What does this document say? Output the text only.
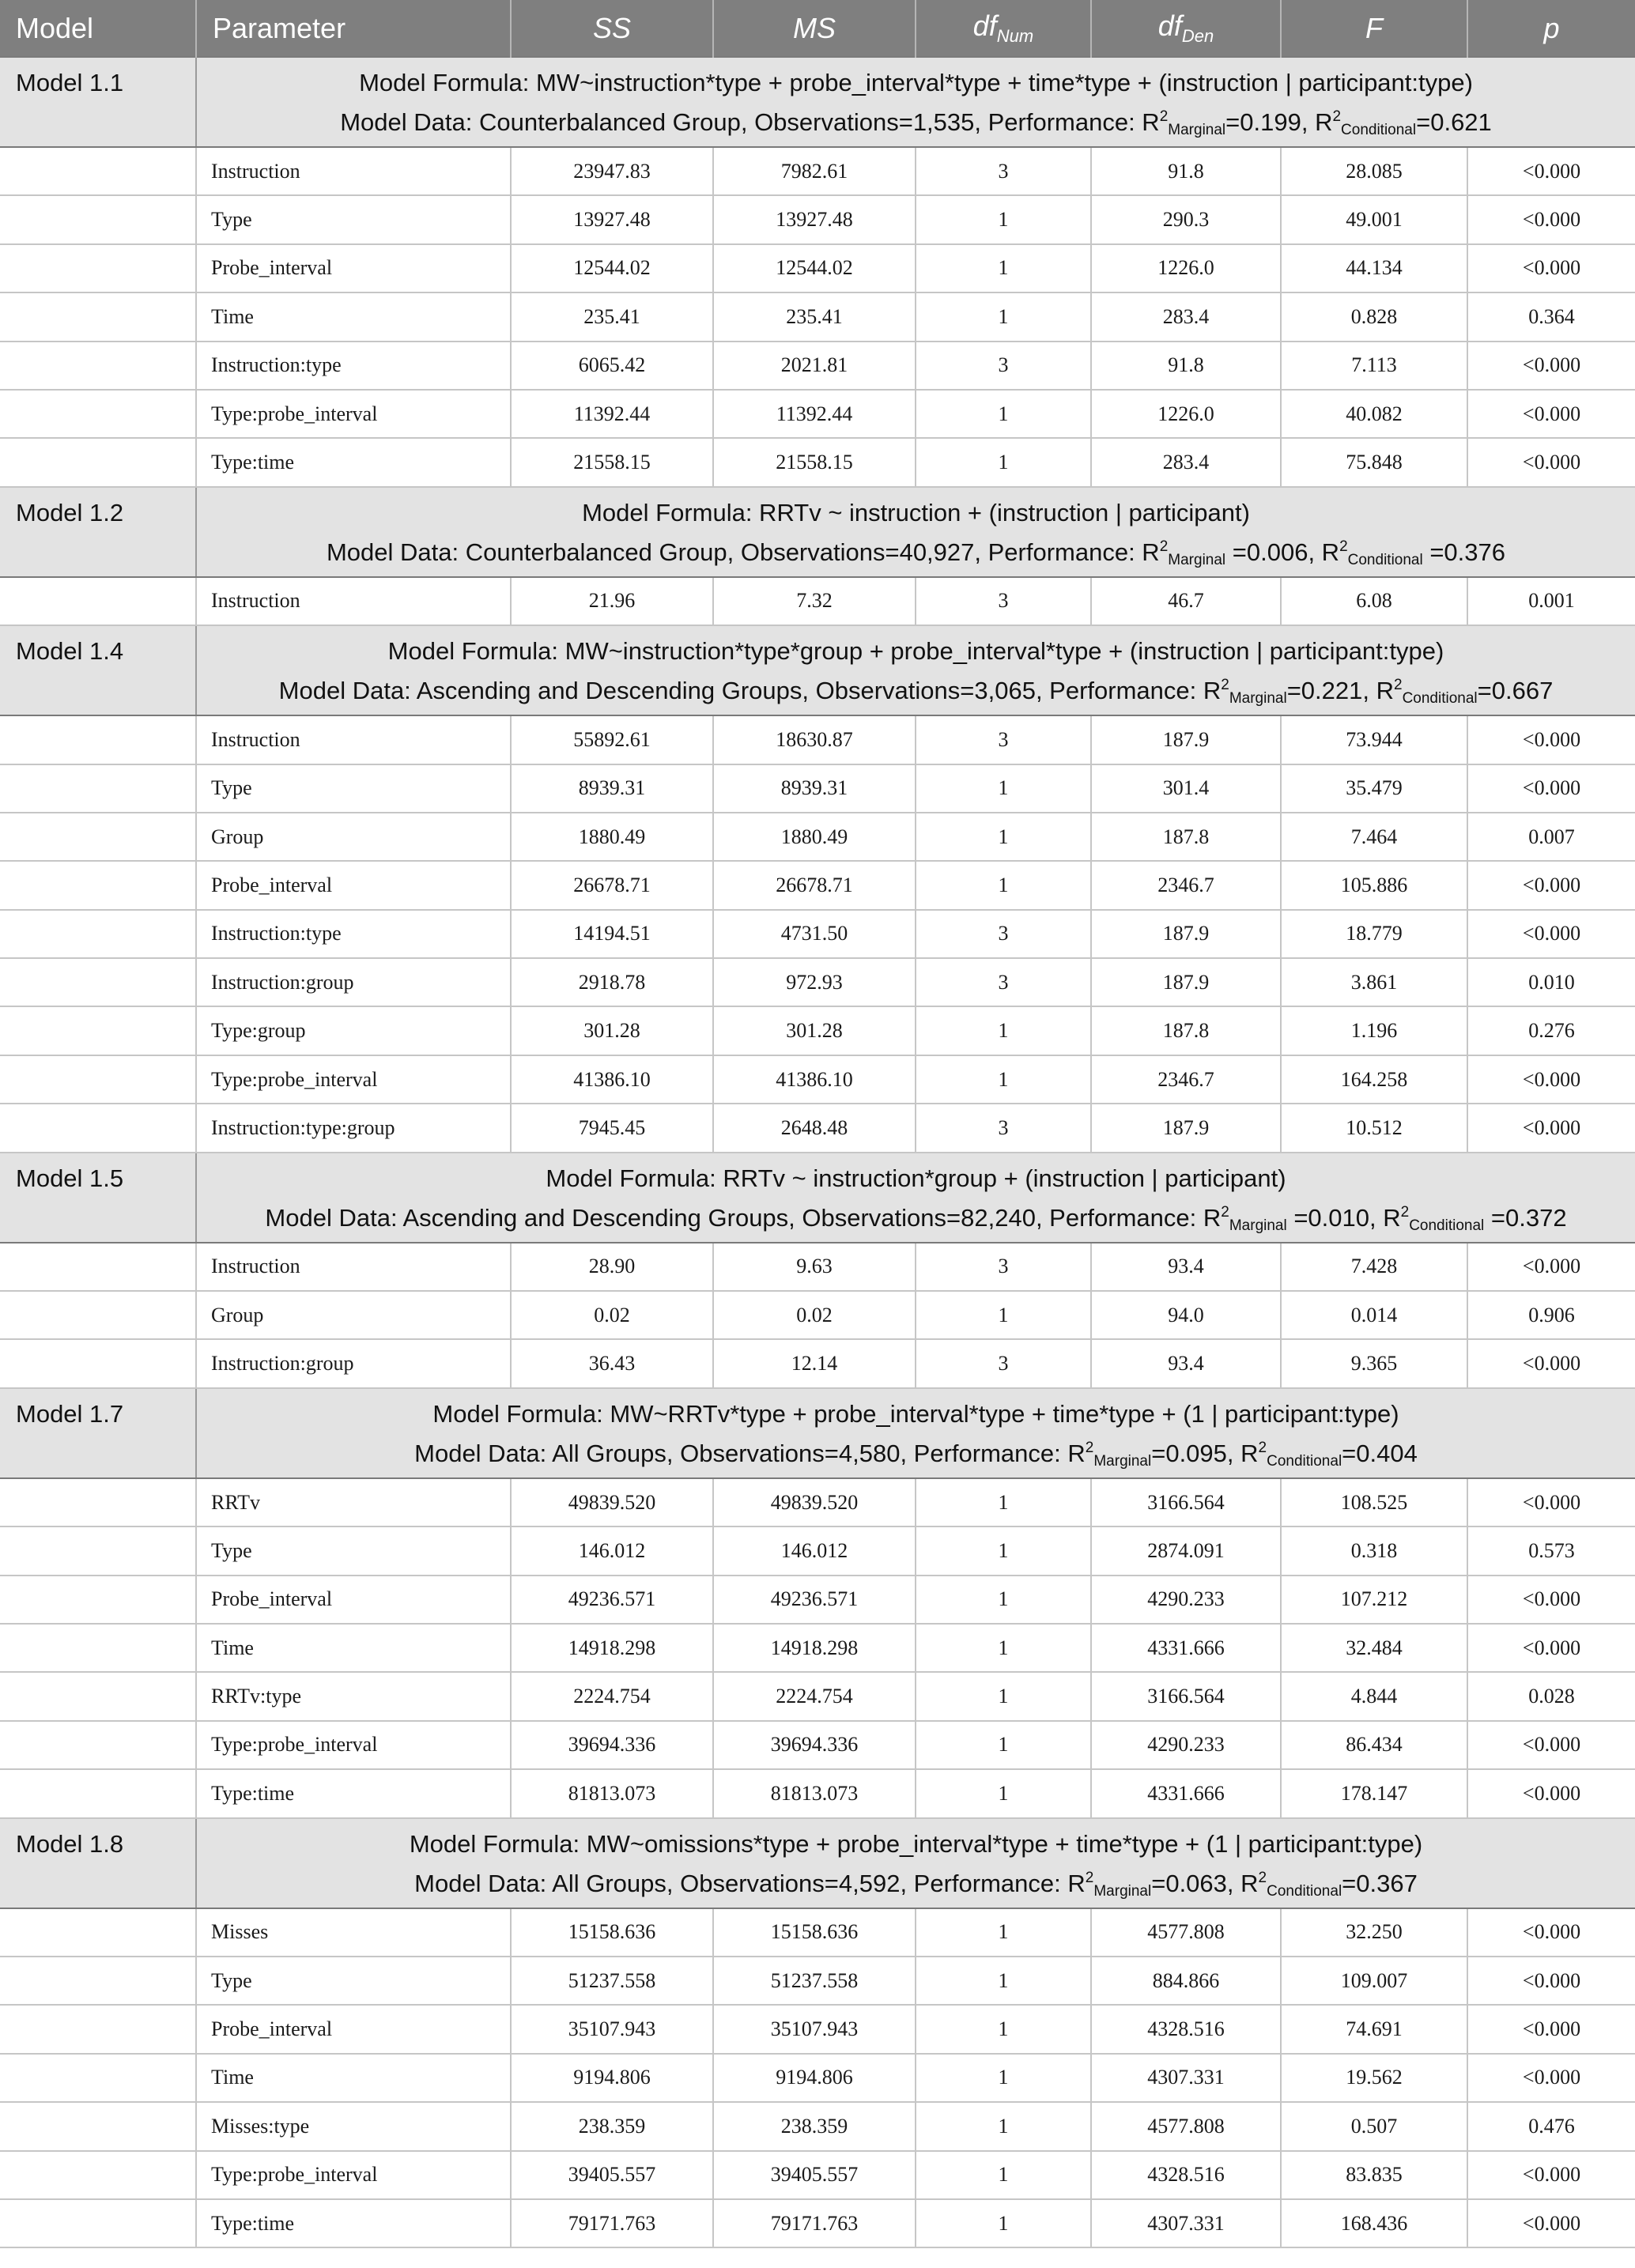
Model	Parameter	SS	MS	$df_{Num}$	$df_{Den}$	F	p
Model 1.1	Model Formula: MW~instruction*type + probe_interval*type + time*type + (instruction | participant:type)
Model Data: Counterbalanced Group, Observations=1,535, Performance: $R^2_{Marginal}=0.199$, $R^2_{Conditional}=0.621$						

	Instruction	23947.83	7982.61	3	91.8	28.085	<0.000
	Type	13927.48	13927.48	1	290.3	49.001	<0.000
	Probe_interval	12544.02	12544.02	1	1226.0	44.134	<0.000
	Time	235.41	235.41	1	283.4	0.828	0.364
	Instruction:type	6065.42	2021.81	3	91.8	7.113	<0.000
	Type:probe_interval	11392.44	11392.44	1	1226.0	40.082	<0.000
	Type:time	21558.15	21558.15	1	283.4	75.848	<0.000
Model 1.2	Model Formula: RRTv ~ instruction + (instruction | participant)
Model Data: Counterbalanced Group, Observations=40,927, Performance: $R^2_{Marginal} =0.006$, $R^2_{Conditional} =0.376$						

	Instruction	21.96	7.32	3	46.7	6.08	0.001
Model 1.4	Model Formula: MW~instruction*type*group + probe_interval*type + (instruction | participant:type)
Model Data: Ascending and Descending Groups, Observations=3,065, Performance: $R^2_{Marginal}=0.221$, $R^2_{Conditional}=0.667$						

	Instruction	55892.61	18630.87	3	187.9	73.944	<0.000
	Type	8939.31	8939.31	1	301.4	35.479	<0.000
	Group	1880.49	1880.49	1	187.8	7.464	0.007
	Probe_interval	26678.71	26678.71	1	2346.7	105.886	<0.000
	Instruction:type	14194.51	4731.50	3	187.9	18.779	<0.000
	Instruction:group	2918.78	972.93	3	187.9	3.861	0.010
	Type:group	301.28	301.28	1	187.8	1.196	0.276
	Type:probe_interval	41386.10	41386.10	1	2346.7	164.258	<0.000
	Instruction:type:group	7945.45	2648.48	3	187.9	10.512	<0.000
Model 1.5	Model Formula: RRTv ~ instruction*group + (instruction | participant)
Model Data: Ascending and Descending Groups, Observations=82,240, Performance: $R^2_{Marginal} =0.010$, $R^2_{Conditional} =0.372$						

	Instruction	28.90	9.63	3	93.4	7.428	<0.000
	Group	0.02	0.02	1	94.0	0.014	0.906
	Instruction:group	36.43	12.14	3	93.4	9.365	<0.000
Model 1.7	Model Formula: MW~RRTv*type + probe_interval*type + time*type + (1 | participant:type)
Model Data: All Groups, Observations=4,580, Performance: $R^2_{Marginal}=0.095$, $R^2_{Conditional}=0.404$						

	RRTv	49839.520	49839.520	1	3166.564	108.525	<0.000
	Type	146.012	146.012	1	2874.091	0.318	0.573
	Probe_interval	49236.571	49236.571	1	4290.233	107.212	<0.000
	Time	14918.298	14918.298	1	4331.666	32.484	<0.000
	RRTv:type	2224.754	2224.754	1	3166.564	4.844	0.028
	Type:probe_interval	39694.336	39694.336	1	4290.233	86.434	<0.000
	Type:time	81813.073	81813.073	1	4331.666	178.147	<0.000
Model 1.8	Model Formula: MW~omissions*type + probe_interval*type + time*type + (1 | participant:type)
Model Data: All Groups, Observations=4,592, Performance: $R^2_{Marginal}=0.063$, $R^2_{Conditional}=0.367$						

	Misses	15158.636	15158.636	1	4577.808	32.250	<0.000
	Type	51237.558	51237.558	1	884.866	109.007	<0.000
	Probe_interval	35107.943	35107.943	1	4328.516	74.691	<0.000
	Time	9194.806	9194.806	1	4307.331	19.562	<0.000
	Misses:type	238.359	238.359	1	4577.808	0.507	0.476
	Type:probe_interval	39405.557	39405.557	1	4328.516	83.835	<0.000
	Type:time	79171.763	79171.763	1	4307.331	168.436	<0.000
